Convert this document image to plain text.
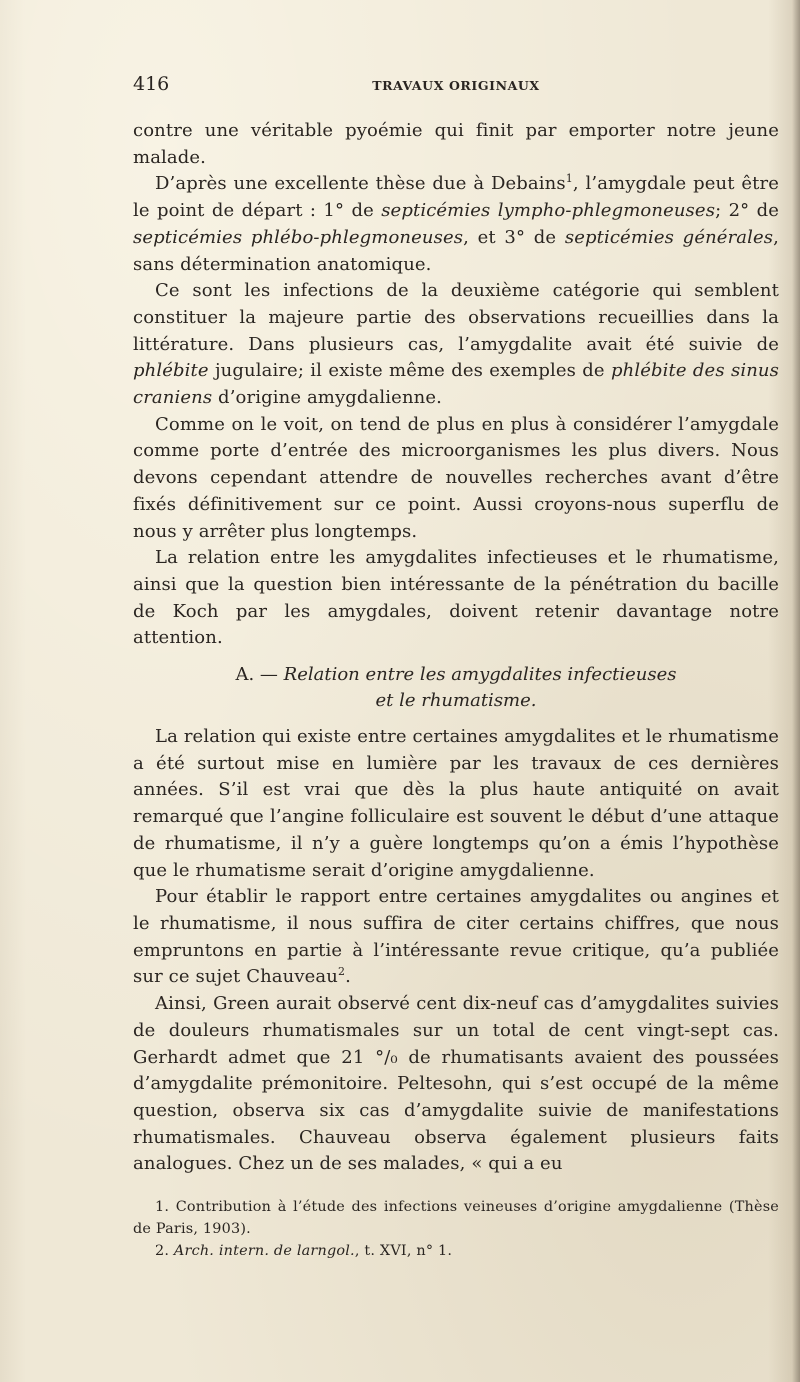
416	TRAVAUX ORIGINAUX

contre une véritable pyoémie qui finit par emporter notre jeune malade.

D’après une excellente thèse due à Debains$^1$, l’amygdale peut être le point de départ : 1° de septicémies lympho-phlegmoneuses; 2° de septicémies phlébo-phlegmoneuses, et 3° de septicémies générales, sans détermination anatomique.

Ce sont les infections de la deuxième catégorie qui semblent constituer la majeure partie des observations recueillies dans la littérature. Dans plusieurs cas, l’amygdalite avait été suivie de phlébite jugulaire; il existe même des exemples de phlébite des sinus craniens d’origine amygdalienne.

Comme on le voit, on tend de plus en plus à considérer l’amygdale comme porte d’entrée des microorganismes les plus divers. Nous devons cependant attendre de nouvelles recherches avant d’être fixés définitivement sur ce point. Aussi croyons-nous superflu de nous y arrêter plus longtemps.

La relation entre les amygdalites infectieuses et le rhumatisme, ainsi que la question bien intéressante de la pénétration du bacille de Koch par les amygdales, doivent retenir davantage notre attention.

A. — Relation entre les amygdalites infectieuses
et le rhumatisme.

La relation qui existe entre certaines amygdalites et le rhumatisme a été surtout mise en lumière par les travaux de ces dernières années. S’il est vrai que dès la plus haute antiquité on avait remarqué que l’angine folliculaire est souvent le début d’une attaque de rhumatisme, il n’y a guère longtemps qu’on a émis l’hypothèse que le rhumatisme serait d’origine amygdalienne.

Pour établir le rapport entre certaines amygdalites ou angines et le rhumatisme, il nous suffira de citer certains chiffres, que nous empruntons en partie à l’intéressante revue critique, qu’a publiée sur ce sujet Chauveau$^2$.

Ainsi, Green aurait observé cent dix-neuf cas d’amygdalites suivies de douleurs rhumatismales sur un total de cent vingt-sept cas. Gerhardt admet que 21 °/₀ de rhumatisants avaient des poussées d’amygdalite prémonitoire. Peltesohn, qui s’est occupé de la même question, observa six cas d’amygdalite suivie de manifestations rhumatismales. Chauveau observa également plusieurs faits analogues. Chez un de ses malades, « qui a eu

1. Contribution à l’étude des infections veineuses d’origine amygdalienne (Thèse de Paris, 1903).

2. Arch. intern. de larngol., t. XVI, n° 1.
